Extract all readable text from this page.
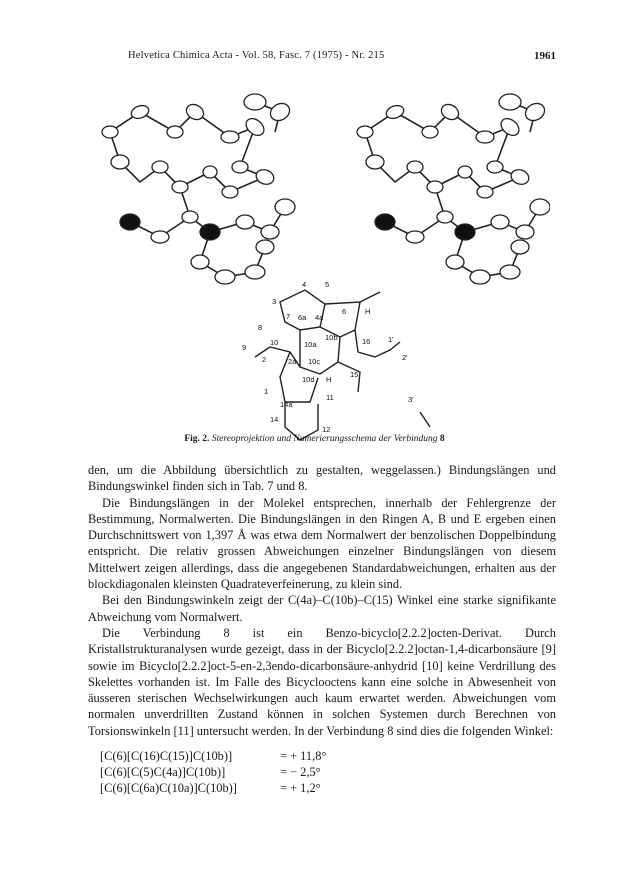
Helvetica Chimica Acta - Vol. 58, Fasc. 7 (1975) - Nr. 215	1961
3
4	5
4a
7 6a
6	H
8
10b	16
9
10	10a
2	2a 10c
1'
2'
15
10d H
1
14a
3'
11
14
12
Fig. 2. Stereoprojektion und Numerierungsschema der Verbindung 8

den, um die Abbildung übersichtlich zu gestalten, weggelassen.) Bindungslängen und Bindungswinkel finden sich in Tab. 7 und 8.

Die Bindungslängen in der Molekel entsprechen, innerhalb der Fehlergrenze der Bestimmung, Normalwerten. Die Bindungslängen in den Ringen A, B und E ergeben einen Durchschnittswert von 1,397 Å was etwa dem Normalwert der benzolischen Doppelbindung entspricht. Die relativ grossen Abweichungen einzelner Bindungslängen von diesem Mittelwert zeigen allerdings, dass die angegebenen Standardabweichungen, erhalten aus der blockdiagonalen kleinsten Quadrateverfeinerung, zu klein sind.

Bei den Bindungswinkeln zeigt der C(4a)–C(10b)–C(15) Winkel eine starke signifikante Abweichung vom Normalwert.

Die Verbindung 8 ist ein Benzo-bicyclo[2.2.2]octen-Derivat. Durch Kristallstrukturanalysen wurde gezeigt, dass in der Bicyclo[2.2.2]octan-1,4-dicarbonsäure [9] sowie im Bicyclo[2.2.2]oct-5-en-2,3endo-dicarbonsäure-anhydrid [10] keine Verdrillung des Skelettes vorhanden ist. Im Falle des Bicyclooctens kann eine solche in Abwesenheit von äusseren sterischen Wechselwirkungen auch kaum erwartet werden. Abweichungen vom normalen unverdrillten Zustand können in solchen Systemen durch Berechnen von Torsionswinkeln [11] untersucht werden. In der Verbindung 8 sind dies die folgenden Winkel:

[C(6)[C(16)C(15)]C(10b)]	= + 11,8°
[C(6)[C(5)C(4a)]C(10b)]	= − 2,5°
[C(6)[C(6a)C(10a)]C(10b)]	= + 1,2°
